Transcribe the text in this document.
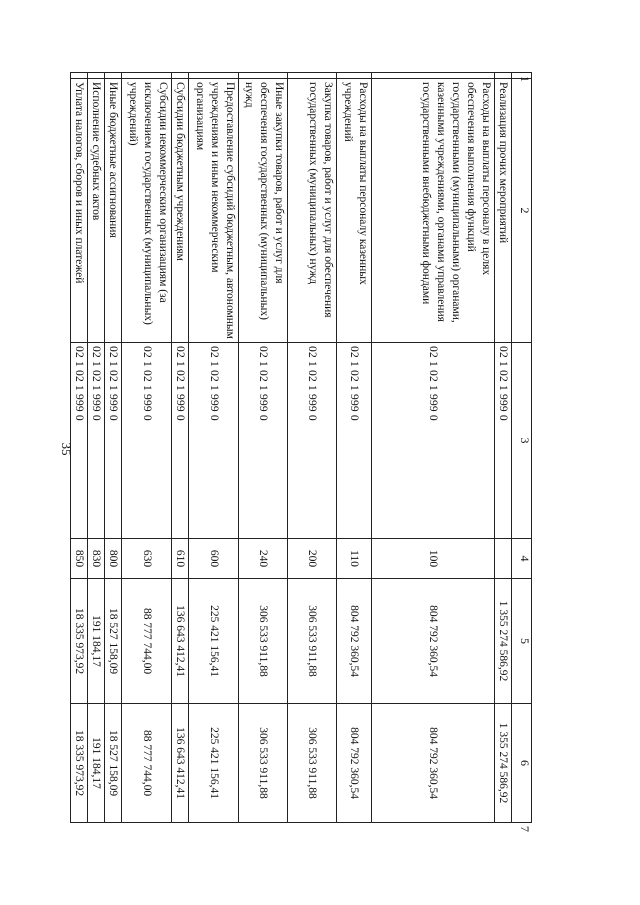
35
1	2	3	4	5	6	7
	Реализация прочих мероприятий	02 1 02 1 999 0		1 355 274 586,92	1 355 274 586,92	
	Расходы на выплаты персоналу в целях обеспечения выполнения функций государственными (муниципальными) органами, казенными учреждениями, органами управления государственными внебюджетными фондами	02 1 02 1 999 0	100	804 792 360,54	804 792 360,54	
	Расходы на выплаты персоналу казенных учреждений	02 1 02 1 999 0	110	804 792 360,54	804 792 360,54	
	Закупка товаров, работ и услуг для обеспечения государственных (муниципальных) нужд	02 1 02 1 999 0	200	306 533 911,88	306 533 911,88	
	Иные закупки товаров, работ и услуг для обеспечения государственных (муниципальных) нужд	02 1 02 1 999 0	240	306 533 911,88	306 533 911,88	
	Предоставление субсидий бюджетным, автономным учреждениям и иным некоммерческим организациям	02 1 02 1 999 0	600	225 421 156,41	225 421 156,41	
	Субсидии бюджетным учреждениям	02 1 02 1 999 0	610	136 643 412,41	136 643 412,41	
	Субсидии некоммерческим организациям (за исключением государственных (муниципальных) учреждений)	02 1 02 1 999 0	630	88 777 744,00	88 777 744,00	
	Иные бюджетные ассигнования	02 1 02 1 999 0	800	18 527 158,09	18 527 158,09	
	Исполнение судебных актов	02 1 02 1 999 0	830	191 184,17	191 184,17	
	Уплата налогов, сборов и иных платежей	02 1 02 1 999 0	850	18 335 973,92	18 335 973,92	
